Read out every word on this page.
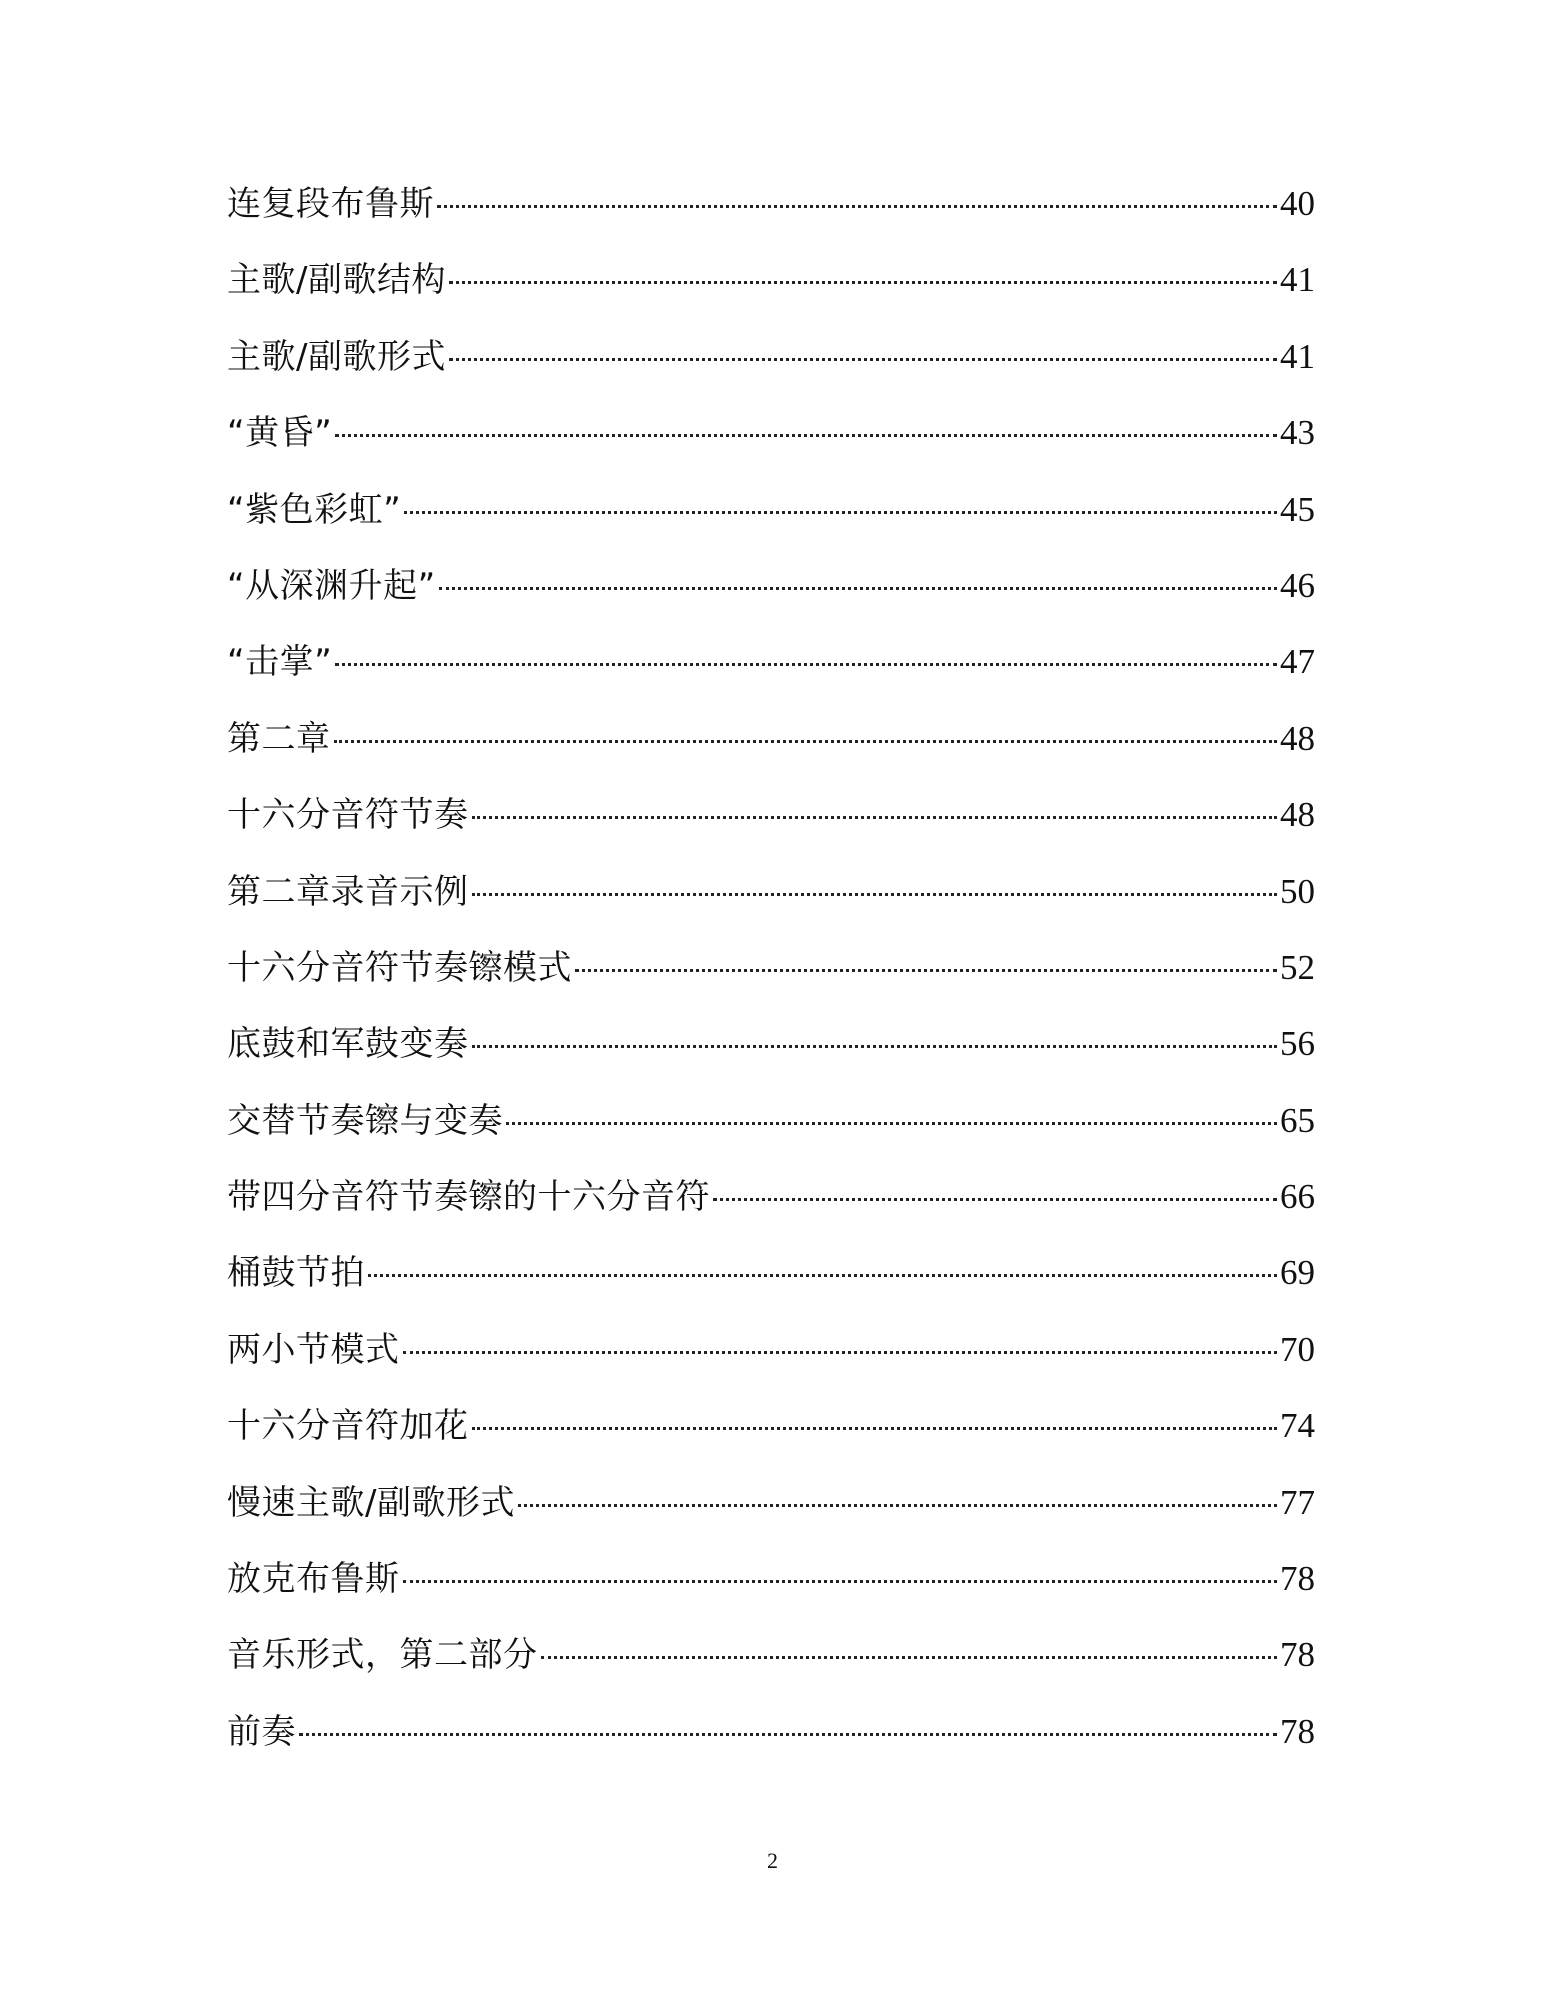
连复段布鲁斯	40
主歌/副歌结构	41
主歌/副歌形式	41
“黄昏”	43
“紫色彩虹”	45
“从深渊升起”	46
“击掌”	47
第二章	48
十六分音符节奏	48
第二章录音示例	50
十六分音符节奏镲模式	52
底鼓和军鼓变奏	56
交替节奏镲与变奏	65
带四分音符节奏镲的十六分音符	66
桶鼓节拍	69
两小节模式	70
十六分音符加花	74
慢速主歌/副歌形式	77
放克布鲁斯	78
音乐形式，第二部分	78
前奏	78
2
